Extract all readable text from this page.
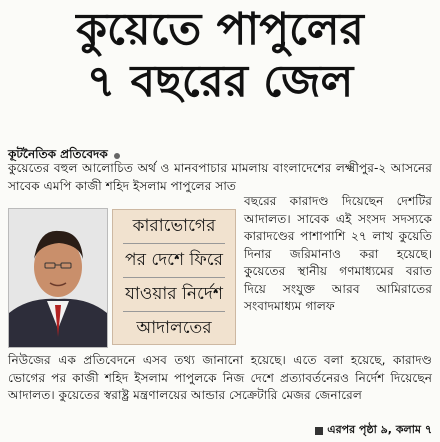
কুয়েতে পাপুলের
৭ বছরের জেল
কূটনৈতিক প্রতিবেদক

কুয়েতের বহুল আলোচিত অর্থ ও মানবপাচার মামলায় বাংলাদেশের লক্ষ্মীপুর-২ আসনের সাবেক এমপি কাজী শহিদ ইসলাম পাপুলের সাত

কারাভোগের
পর দেশে ফিরে
যাওয়ার নির্দেশ
আদালতের

বছরের কারাদণ্ড দিয়েছেন দেশটির আদালত। সাবেক এই সংসদ সদস্যকে কারাদণ্ডের পাশাপাশি ২৭ লাখ কুয়েতি দিনার জরিমানাও করা হয়েছে। কুয়েতের স্থানীয় গণমাধ্যমের বরাত দিয়ে সংযুক্ত আরব আমিরাতের সংবাদমাধ্যম গালফ

নিউজের এক প্রতিবেদনে এসব তথ্য জানানো হয়েছে। এতে বলা হয়েছে, কারাদণ্ড ভোগের পর কাজী শহিদ ইসলাম পাপুলকে নিজ দেশে প্রত্যাবর্তনেরও নির্দেশ দিয়েছেন আদালত। কুয়েতের স্বরাষ্ট্র মন্ত্রণালয়ের আন্ডার সেক্রেটারি মেজর জেনারেল

এরপর পৃষ্ঠা ৯, কলাম ৭
